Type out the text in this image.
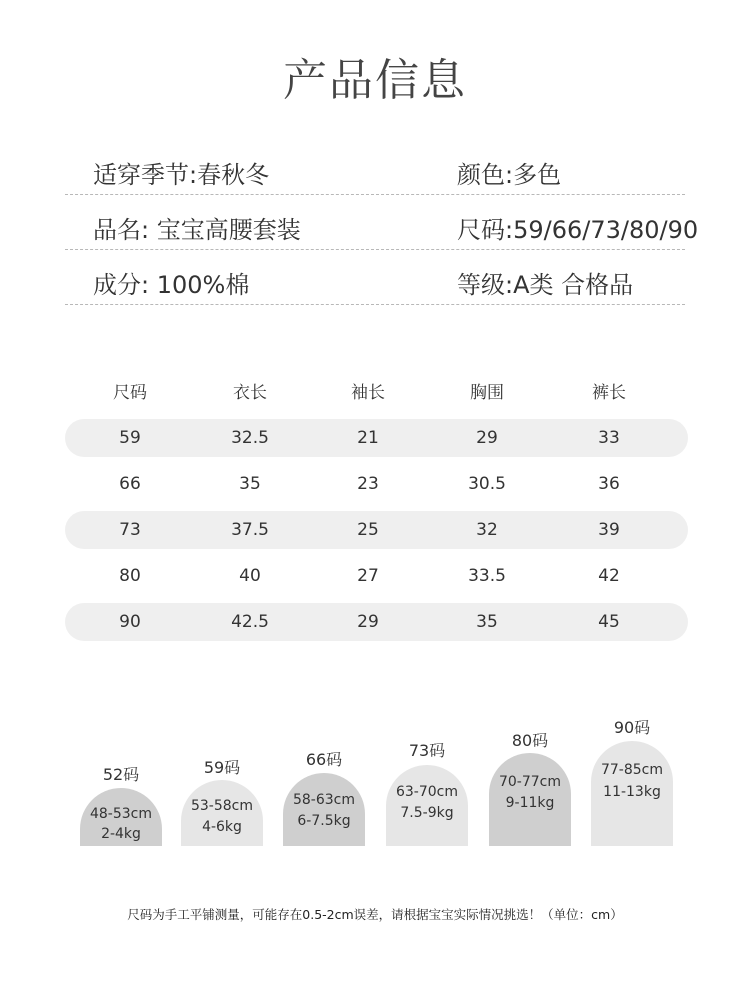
产品信息
适穿季节:春秋冬	颜色:多色
品名: 宝宝高腰套装	尺码:59/66/73/80/90
成分: 100%棉	等级:A类 合格品
尺码	衣长	袖长	胸围	裤长
59	32.5	21	29	33
66	35	23	30.5	36
73	37.5	25	32	39
80	40	27	33.5	42
90	42.5	29	35	45
52码
48-53cm
2-4kg
59码
53-58cm
4-6kg
66码
58-63cm
6-7.5kg
73码
63-70cm
7.5-9kg
80码
70-77cm
9-11kg
90码
77-85cm
11-13kg
尺码为手工平铺测量，可能存在0.5-2cm误差，请根据宝宝实际情况挑选！（单位：cm）
